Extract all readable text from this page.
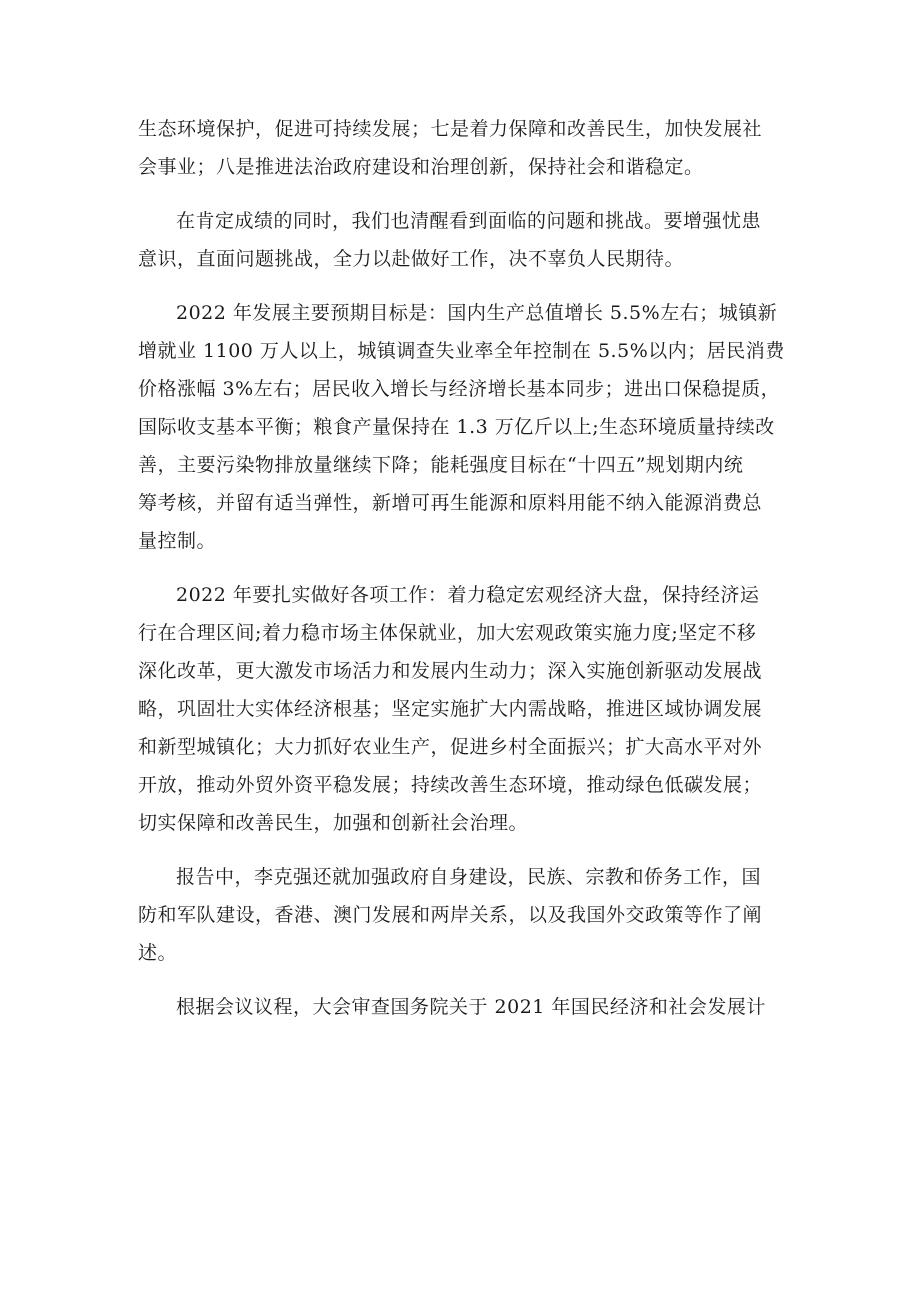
生态环境保护，促进可持续发展；七是着力保障和改善民生，加快发展社
会事业；八是推进法治政府建设和治理创新，保持社会和谐稳定。

在肯定成绩的同时，我们也清醒看到面临的问题和挑战。要增强忧患
意识，直面问题挑战，全力以赴做好工作，决不辜负人民期待。

2022 年发展主要预期目标是：国内生产总值增长 5.5%左右；城镇新
增就业 1100 万人以上，城镇调查失业率全年控制在 5.5%以内；居民消费
价格涨幅 3%左右；居民收入增长与经济增长基本同步；进出口保稳提质，
国际收支基本平衡；粮食产量保持在 1.3 万亿斤以上;生态环境质量持续改
善，主要污染物排放量继续下降；能耗强度目标在“十四五”规划期内统
筹考核，并留有适当弹性，新增可再生能源和原料用能不纳入能源消费总
量控制。

2022 年要扎实做好各项工作：着力稳定宏观经济大盘，保持经济运
行在合理区间;着力稳市场主体保就业，加大宏观政策实施力度;坚定不移
深化改革，更大激发市场活力和发展内生动力；深入实施创新驱动发展战
略，巩固壮大实体经济根基；坚定实施扩大内需战略，推进区域协调发展
和新型城镇化；大力抓好农业生产，促进乡村全面振兴；扩大高水平对外
开放，推动外贸外资平稳发展；持续改善生态环境，推动绿色低碳发展；
切实保障和改善民生，加强和创新社会治理。

报告中，李克强还就加强政府自身建设，民族、宗教和侨务工作，国
防和军队建设，香港、澳门发展和两岸关系，以及我国外交政策等作了阐
述。

根据会议议程，大会审查国务院关于 2021 年国民经济和社会发展计
